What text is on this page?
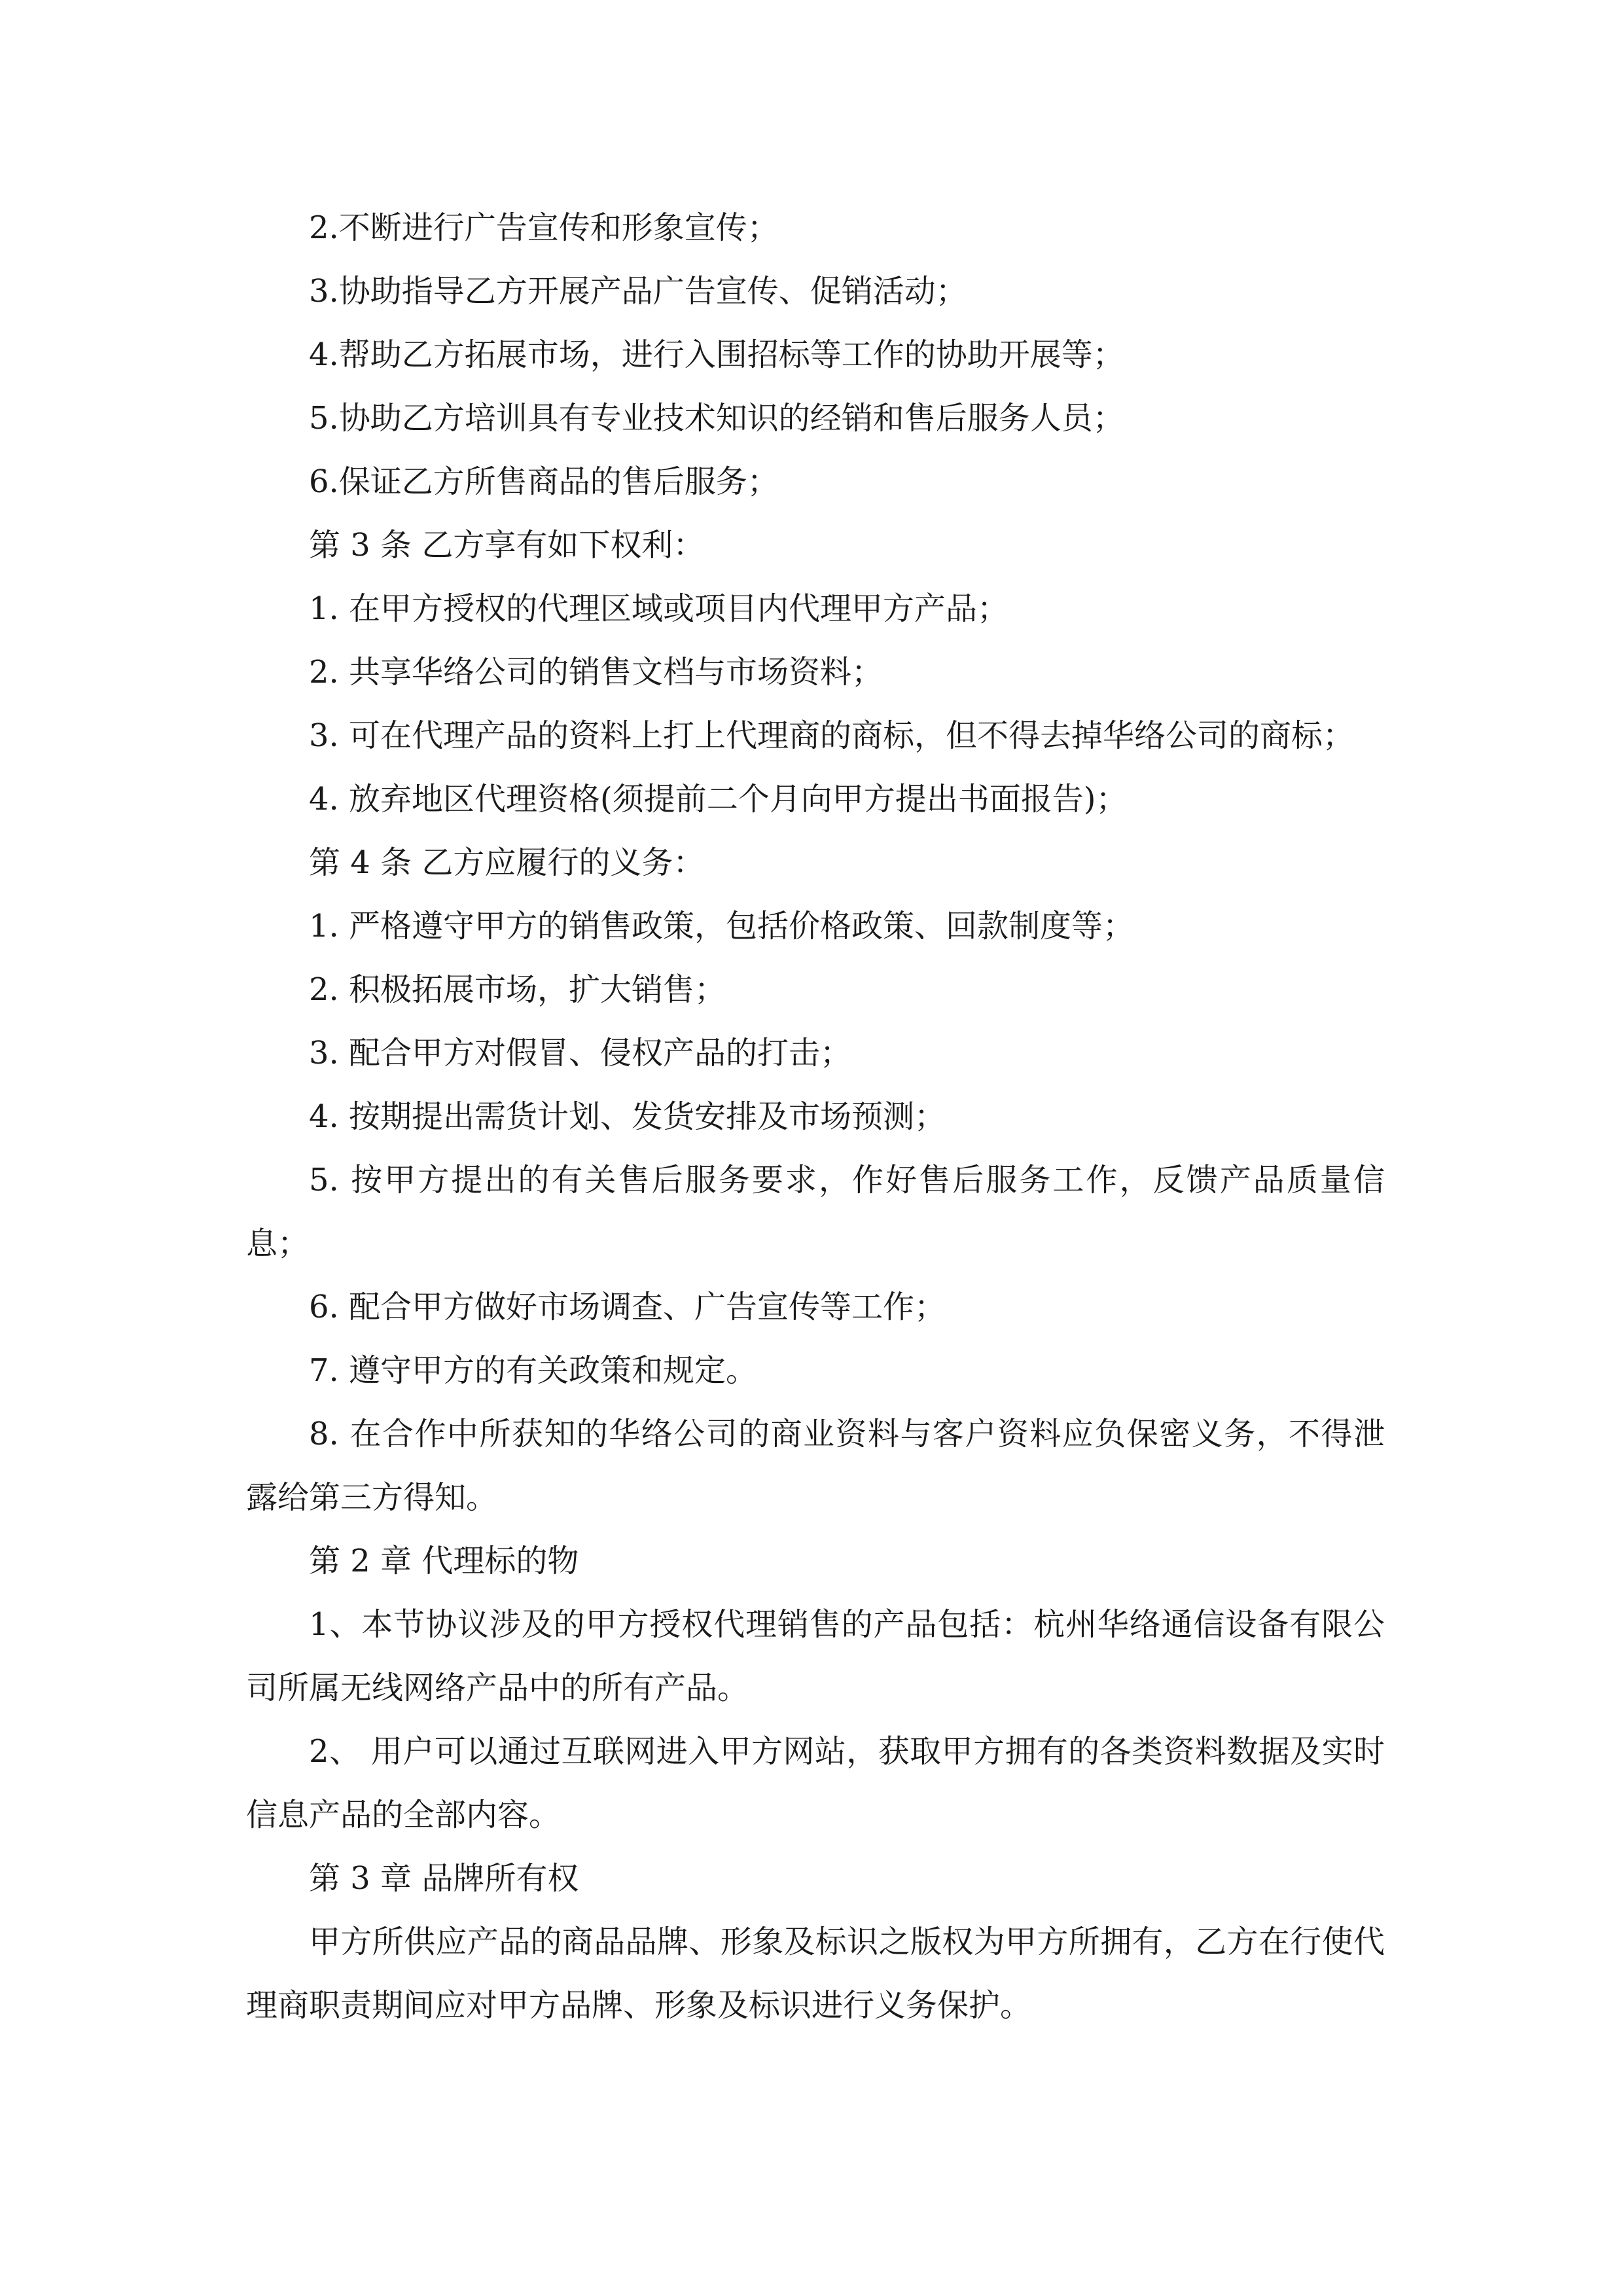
2.不断进行广告宣传和形象宣传；

3.协助指导乙方开展产品广告宣传、促销活动；

4.帮助乙方拓展市场，进行入围招标等工作的协助开展等；

5.协助乙方培训具有专业技术知识的经销和售后服务人员；

6.保证乙方所售商品的售后服务；

第 3 条 乙方享有如下权利：

1. 在甲方授权的代理区域或项目内代理甲方产品；

2. 共享华络公司的销售文档与市场资料；

3. 可在代理产品的资料上打上代理商的商标，但不得去掉华络公司的商标；

4. 放弃地区代理资格(须提前二个月向甲方提出书面报告)；

第 4 条 乙方应履行的义务：

1. 严格遵守甲方的销售政策，包括价格政策、回款制度等；

2. 积极拓展市场，扩大销售；

3. 配合甲方对假冒、侵权产品的打击；

4. 按期提出需货计划、发货安排及市场预测；

5. 按甲方提出的有关售后服务要求，作好售后服务工作，反馈产品质量信息；

6. 配合甲方做好市场调查、广告宣传等工作；

7. 遵守甲方的有关政策和规定。

8. 在合作中所获知的华络公司的商业资料与客户资料应负保密义务，不得泄露给第三方得知。

第 2 章 代理标的物

1、本节协议涉及的甲方授权代理销售的产品包括：杭州华络通信设备有限公司所属无线网络产品中的所有产品。

2、 用户可以通过互联网进入甲方网站，获取甲方拥有的各类资料数据及实时信息产品的全部内容。

第 3 章 品牌所有权

甲方所供应产品的商品品牌、形象及标识之版权为甲方所拥有，乙方在行使代理商职责期间应对甲方品牌、形象及标识进行义务保护。
